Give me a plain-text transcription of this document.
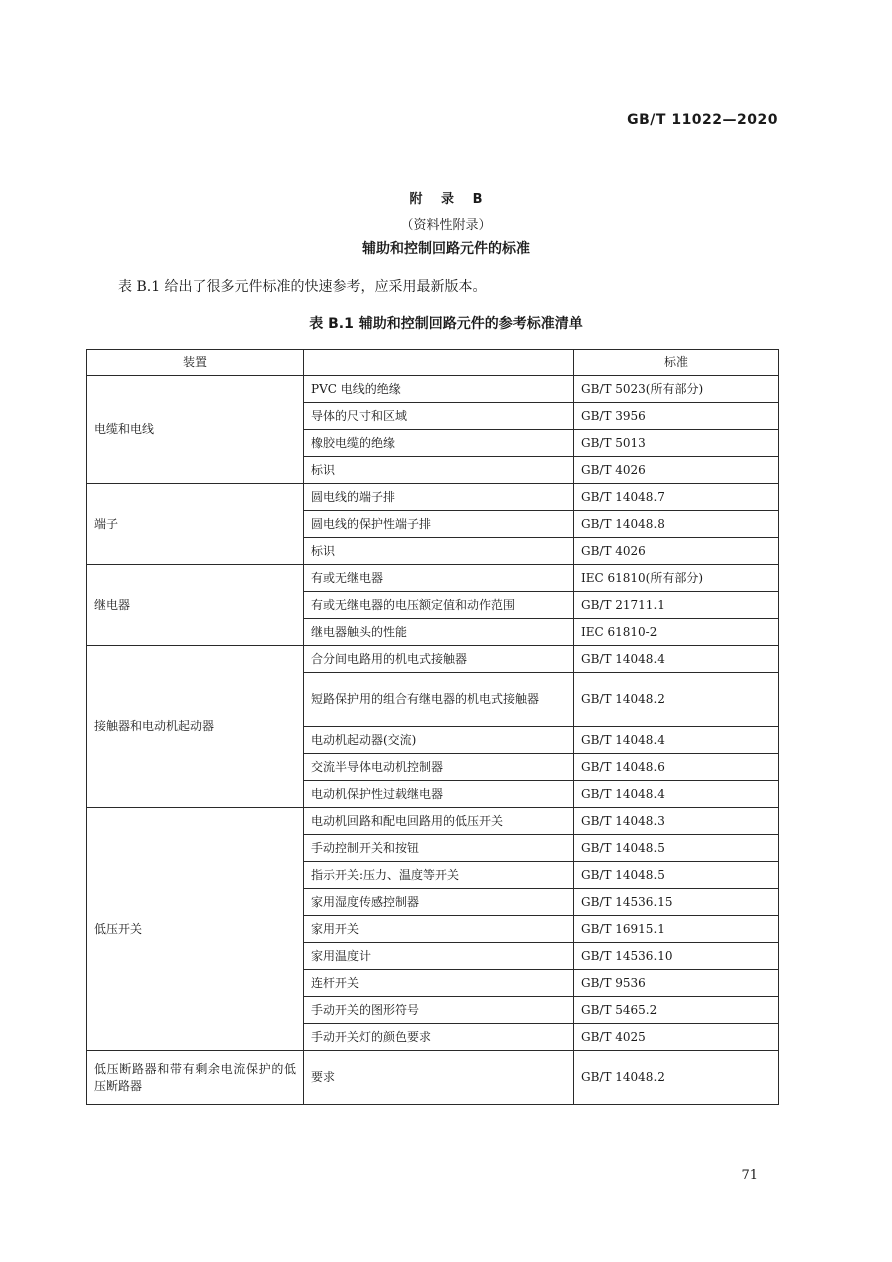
GB/T 11022—2020
附 录 B
（资料性附录）
辅助和控制回路元件的标准
表 B.1 给出了很多元件标准的快速参考，应采用最新版本。
表 B.1 辅助和控制回路元件的参考标准清单
装置		标准
电缆和电线	PVC 电线的绝缘	GB/T 5023(所有部分)
	导体的尺寸和区域	GB/T 3956
	橡胶电缆的绝缘	GB/T 5013
	标识	GB/T 4026
端子	圆电线的端子排	GB/T 14048.7
	圆电线的保护性端子排	GB/T 14048.8
	标识	GB/T 4026
继电器	有或无继电器	IEC 61810(所有部分)
	有或无继电器的电压额定值和动作范围	GB/T 21711.1
	继电器触头的性能	IEC 61810-2
接触器和电动机起动器	合分间电路用的机电式接触器	GB/T 14048.4
	短路保护用的组合有继电器的机电式接触器	GB/T 14048.2
	电动机起动器(交流)	GB/T 14048.4
	交流半导体电动机控制器	GB/T 14048.6
	电动机保护性过载继电器	GB/T 14048.4
低压开关	电动机回路和配电回路用的低压开关	GB/T 14048.3
	手动控制开关和按钮	GB/T 14048.5
	指示开关:压力、温度等开关	GB/T 14048.5
	家用湿度传感控制器	GB/T 14536.15
	家用开关	GB/T 16915.1
	家用温度计	GB/T 14536.10
	连杆开关	GB/T 9536
	手动开关的图形符号	GB/T 5465.2
	手动开关灯的颜色要求	GB/T 4025
低压断路器和带有剩余电流保护的低压断路器	要求	GB/T 14048.2
71
